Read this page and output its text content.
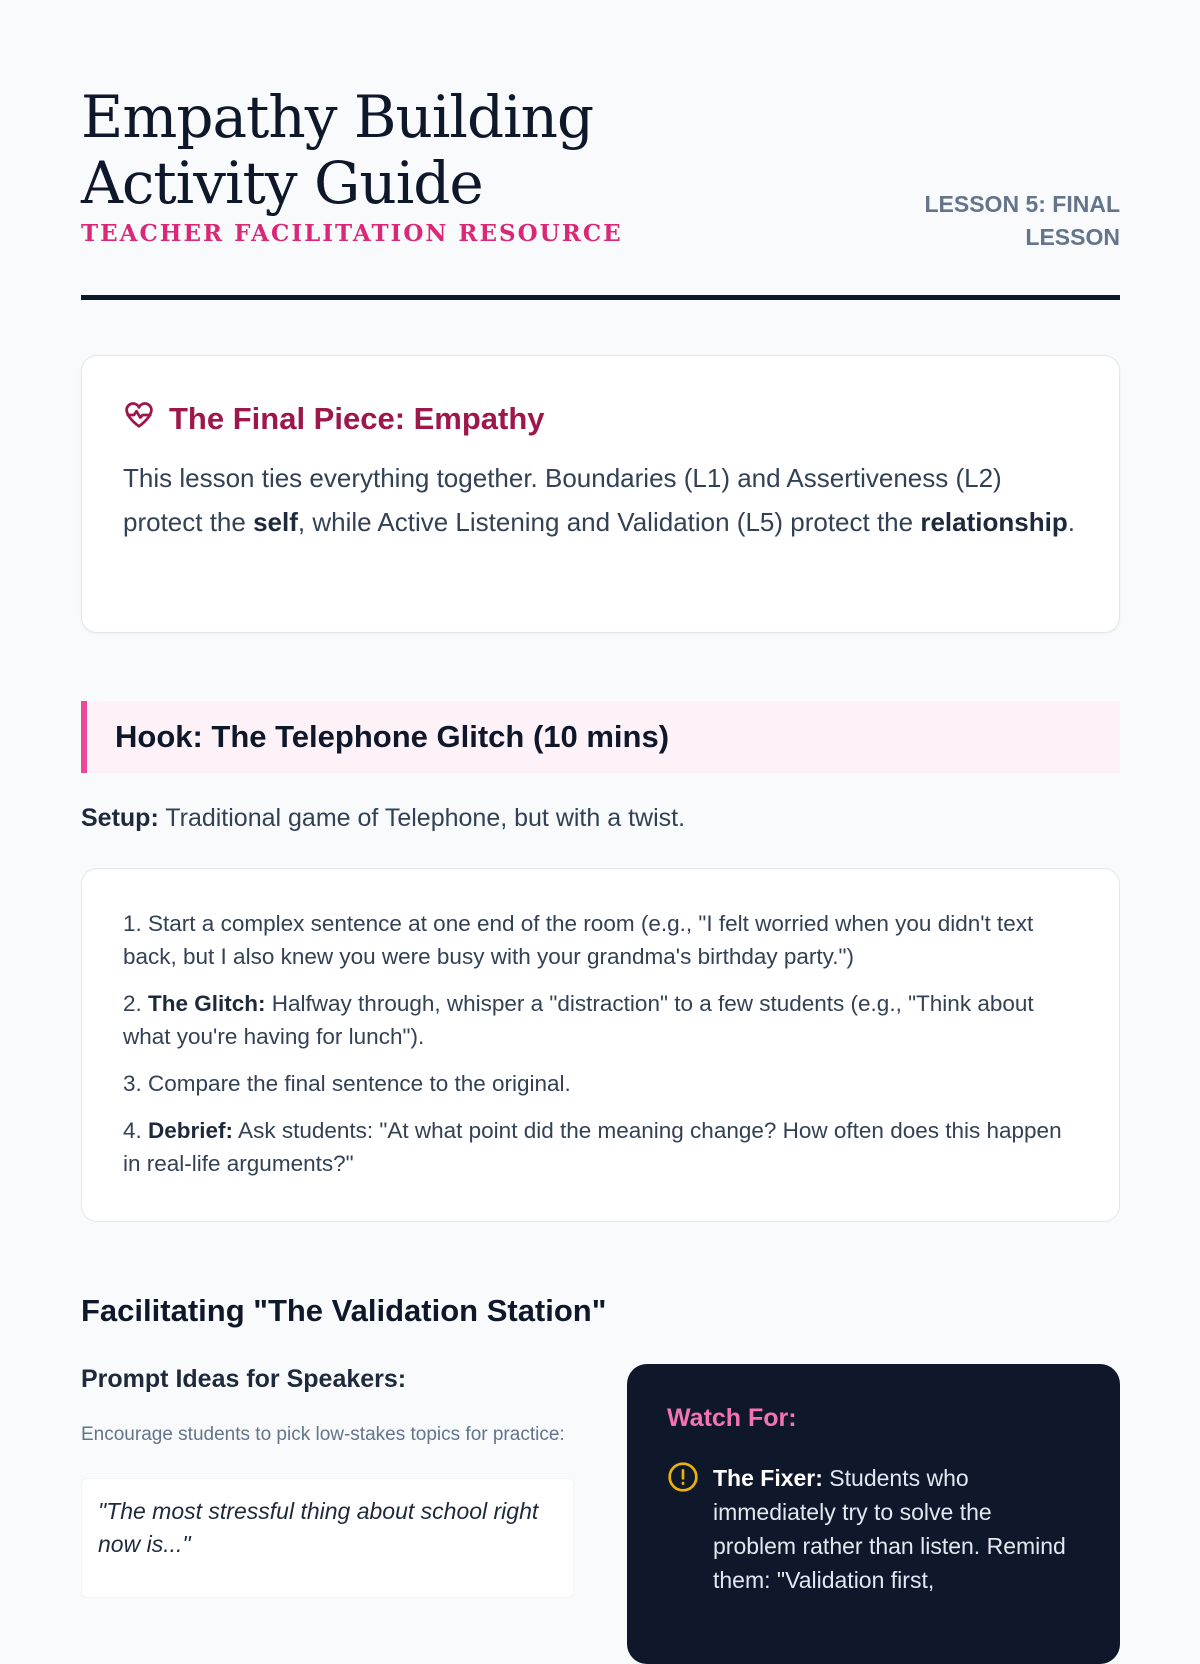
Empathy Building Activity Guide
TEACHER FACILITATION RESOURCE
LESSON 5: FINAL LESSON
The Final Piece: Empathy

This lesson ties everything together. Boundaries (L1) and Assertiveness (L2) protect the self, while Active Listening and Validation (L5) protect the relationship.

Hook: The Telephone Glitch (10 mins)
Setup: Traditional game of Telephone, but with a twist.
1. Start a complex sentence at one end of the room (e.g., "I felt worried when you didn't text back, but I also knew you were busy with your grandma's birthday party.")
2. The Glitch: Halfway through, whisper a "distraction" to a few students (e.g., "Think about what you're having for lunch").
3. Compare the final sentence to the original.
4. Debrief: Ask students: "At what point did the meaning change? How often does this happen in real-life arguments?"
Facilitating "The Validation Station"
Prompt Ideas for Speakers:
Encourage students to pick low-stakes topics for practice:
"The most stressful thing about school right now is..."
Watch For:
The Fixer: Students who immediately try to solve the problem rather than listen. Remind them: "Validation first,
